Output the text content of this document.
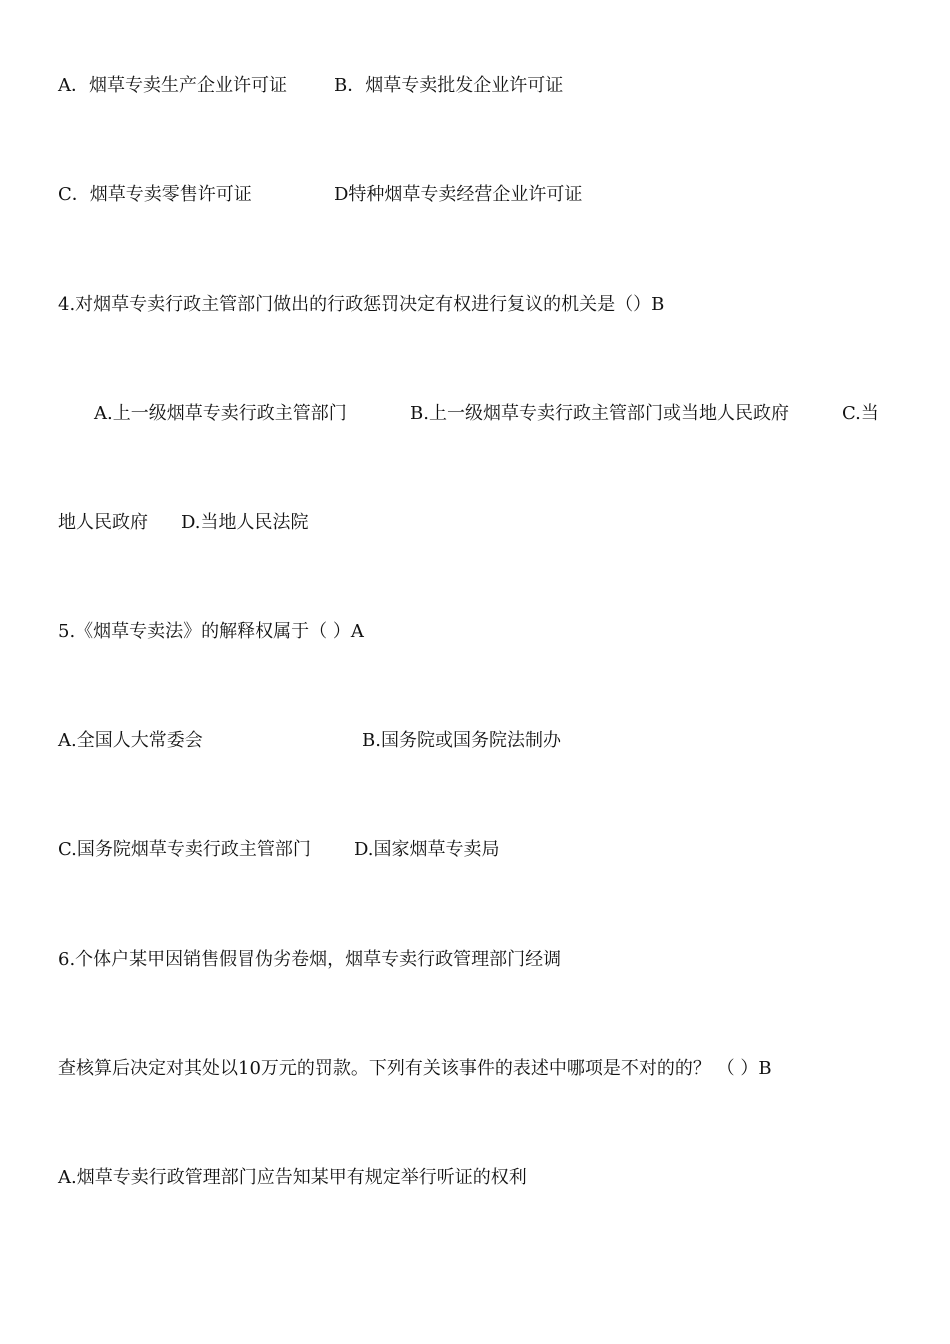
A．烟草专卖生产企业许可证

	B．烟草专卖批发企业许可证

C．烟草专卖零售许可证

	D特种烟草专卖经营企业许可证

4.对烟草专卖行政主管部门做出的行政惩罚决定有权进行复议的机关是（）B

A.上一级烟草专卖行政主管部门

	B.上一级烟草专卖行政主管部门或当地人民政府

	C.当

地人民政府

D.当地人民法院

5.《烟草专卖法》的解释权属于（ ）A

A.全国人大常委会

	B.国务院或国务院法制办

C.国务院烟草专卖行政主管部门

D.国家烟草专卖局

6.个体户某甲因销售假冒伪劣卷烟，烟草专卖行政管理部门经调
查核算后决定对其处以10万元的罚款。下列有关该事件的表述中哪项是不对的的？ （ ）B
A.烟草专卖行政管理部门应告知某甲有规定举行听证的权利
